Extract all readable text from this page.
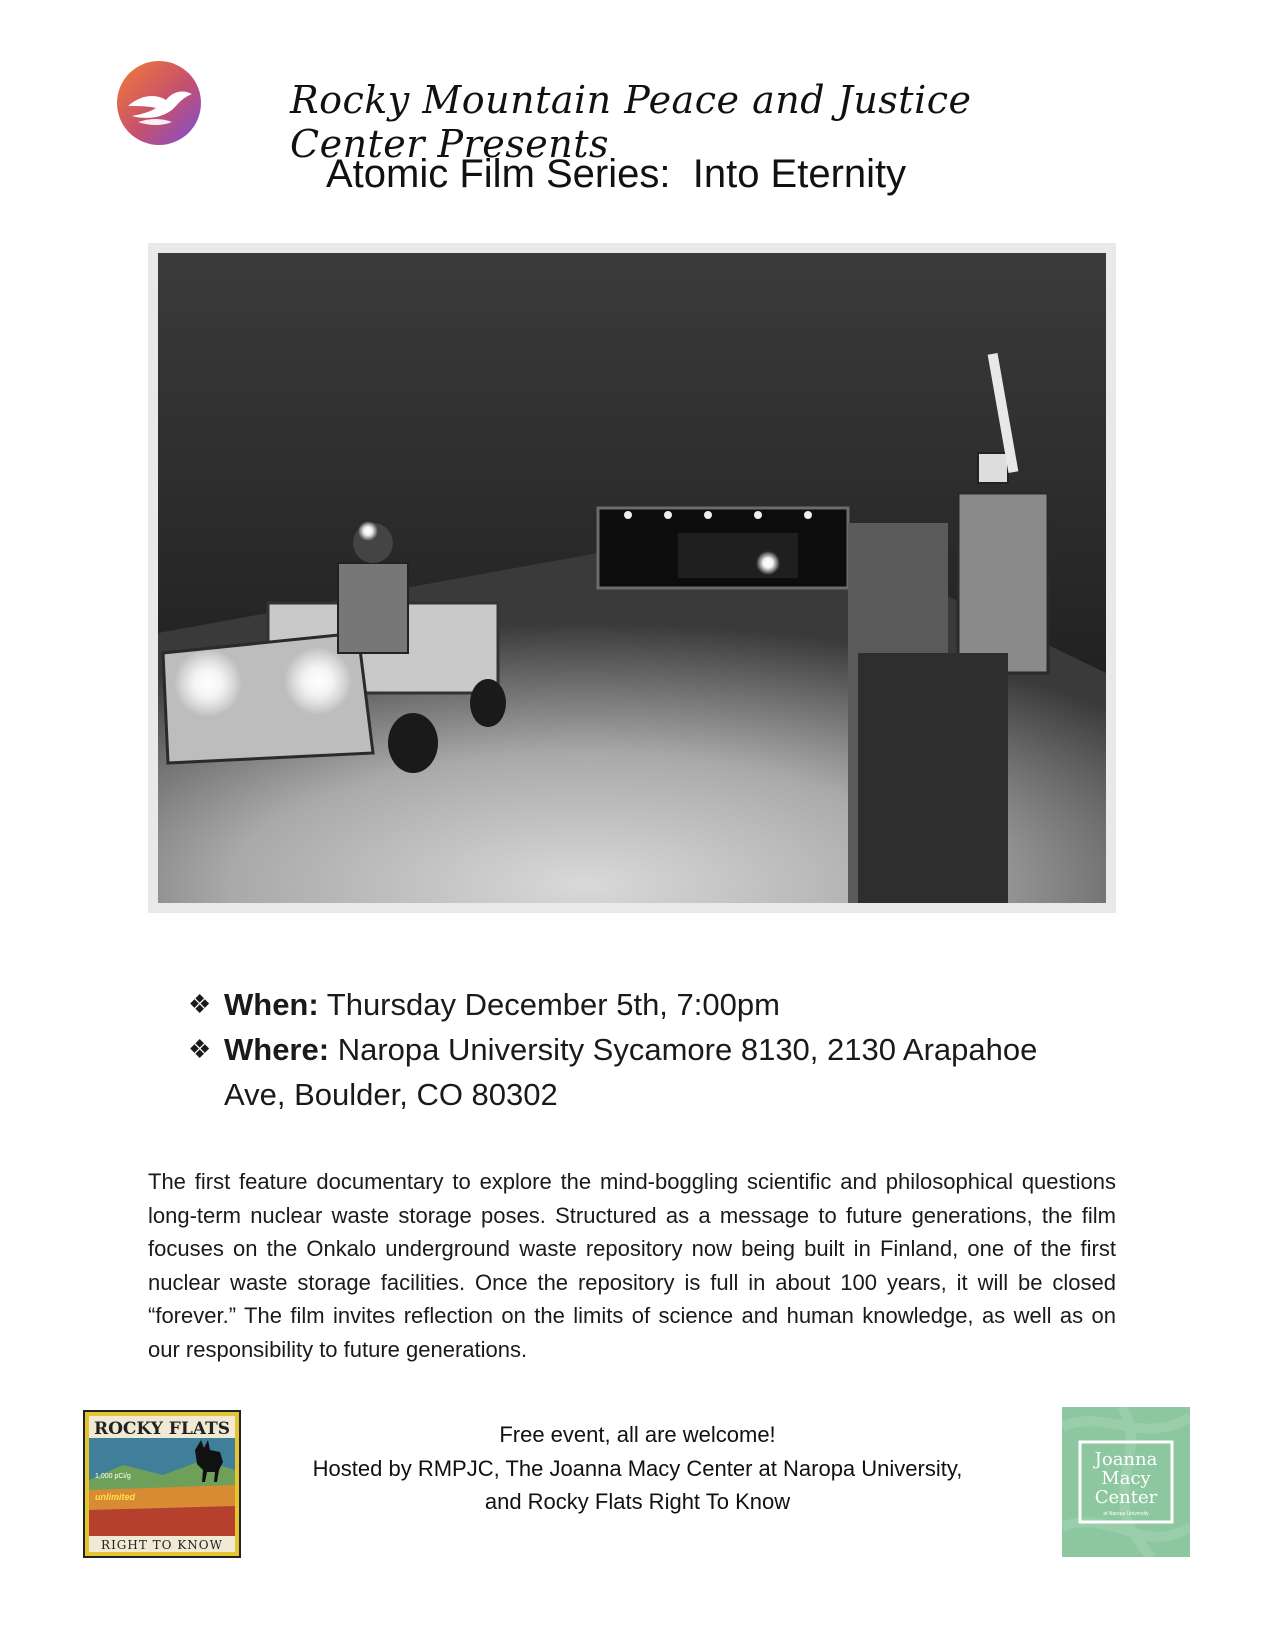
Rocky Mountain Peace and Justice Center Presents
Atomic Film Series:  Into Eternity
❖ When: Thursday December 5th, 7:00pm
❖ Where: Naropa University Sycamore 8130, 2130 Arapahoe Ave, Boulder, CO 80302
The first feature documentary to explore the mind-boggling scientific and philosophical questions long-term nuclear waste storage poses. Structured as a message to future generations, the film focuses on the Onkalo underground waste repository now being built in Finland, one of the first nuclear waste storage facilities. Once the repository is full in about 100 years, it will be closed “forever.” The film invites reflection on the limits of science and human knowledge, as well as on our responsibility to future generations.
ROCKY FLATS
1,000 pCi/g
unlimited
RIGHT TO KNOW
Free event, all are welcome!
Hosted by RMPJC, The Joanna Macy Center at Naropa University,
and Rocky Flats Right To Know
Joanna
Macy
Center
at Naropa University
